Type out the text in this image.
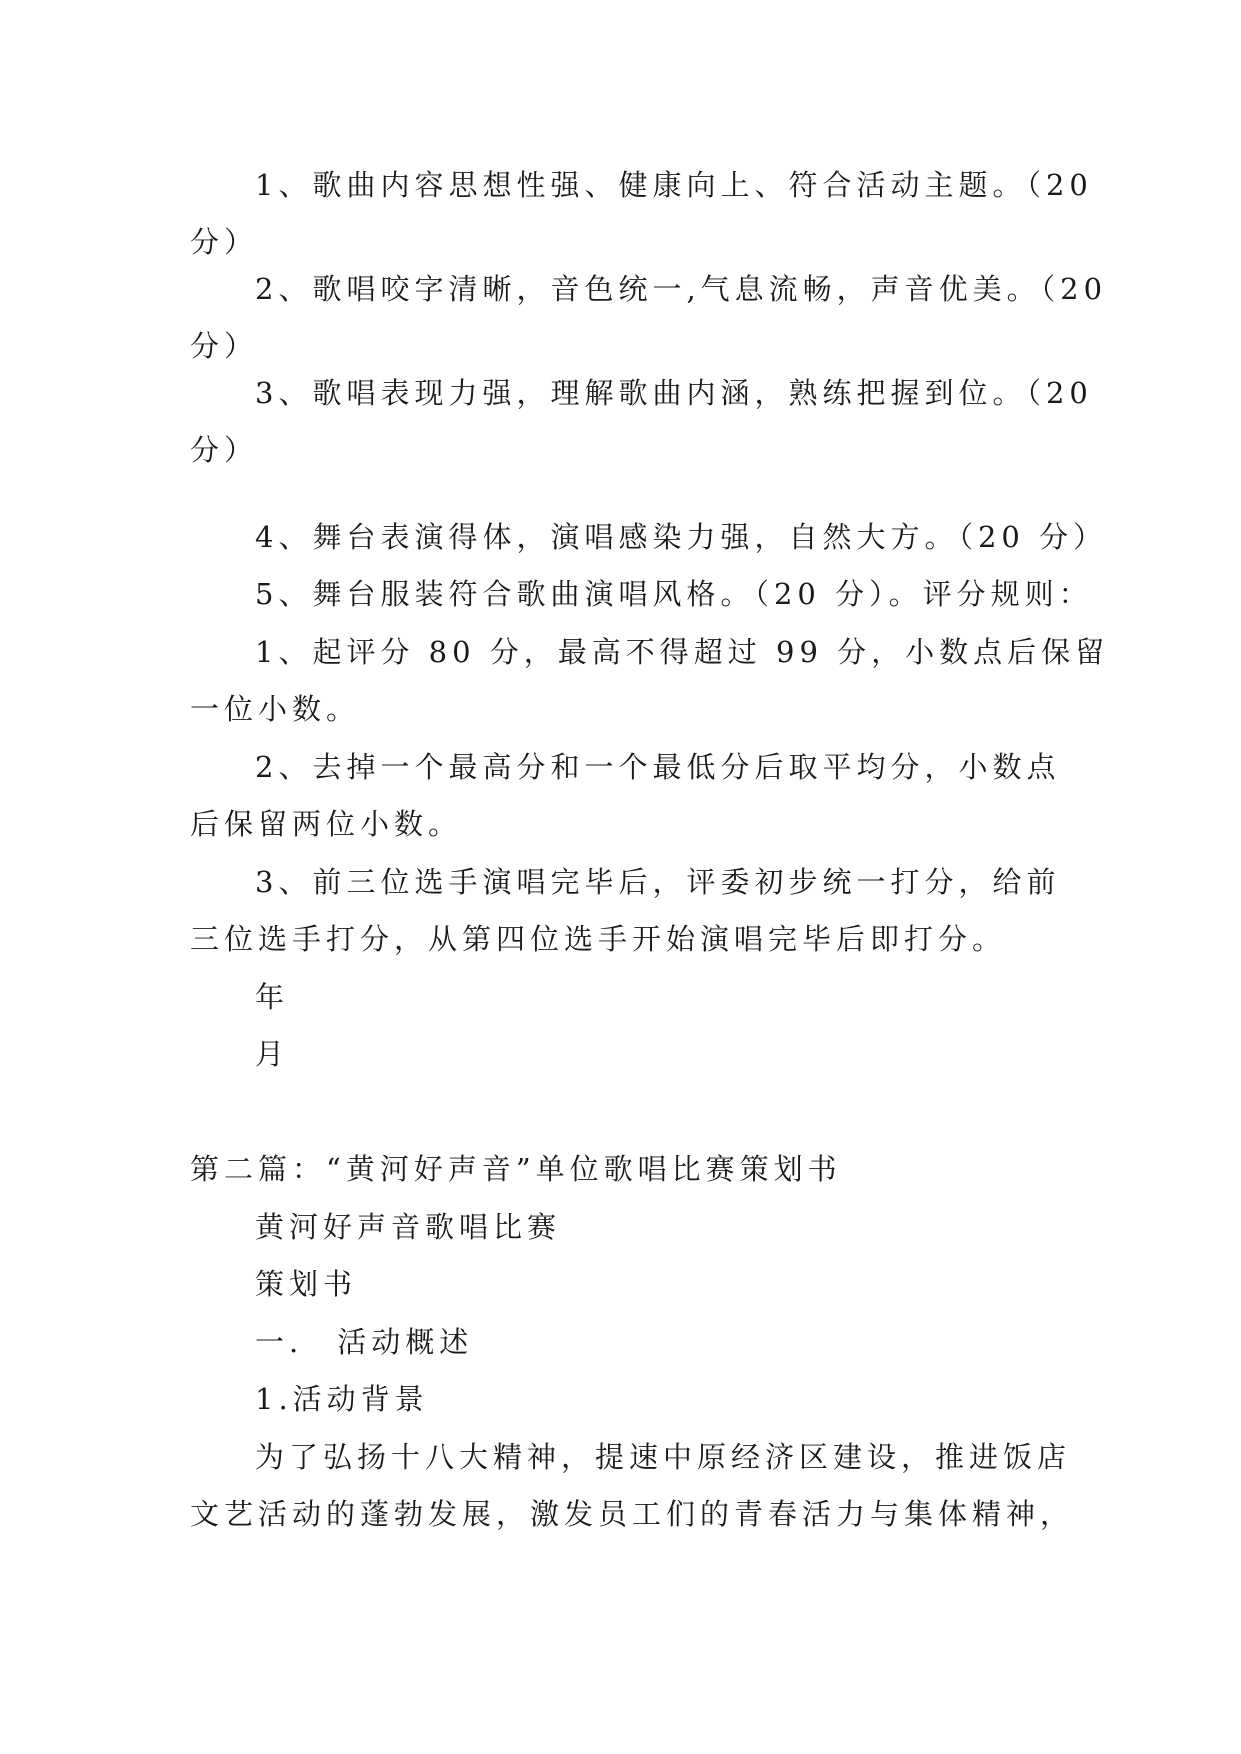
1、歌曲内容思想性强、健康向上、符合活动主题。（20
分）
2、歌唱咬字清晰，音色统一,气息流畅，声音优美。（20
分）
3、歌唱表现力强，理解歌曲内涵，熟练把握到位。（20
分）
4、舞台表演得体，演唱感染力强，自然大方。（20 分）
5、舞台服装符合歌曲演唱风格。（20 分）。评分规则：
1、起评分 80 分，最高不得超过 99 分，小数点后保留
一位小数。
2、去掉一个最高分和一个最低分后取平均分，小数点
后保留两位小数。
3、前三位选手演唱完毕后，评委初步统一打分，给前
三位选手打分，从第四位选手开始演唱完毕后即打分。
年
月
第二篇：“黄河好声音”单位歌唱比赛策划书
黄河好声音歌唱比赛
策划书
一.　活动概述
1.活动背景
为了弘扬十八大精神，提速中原经济区建设，推进饭店
文艺活动的蓬勃发展，激发员工们的青春活力与集体精神，
